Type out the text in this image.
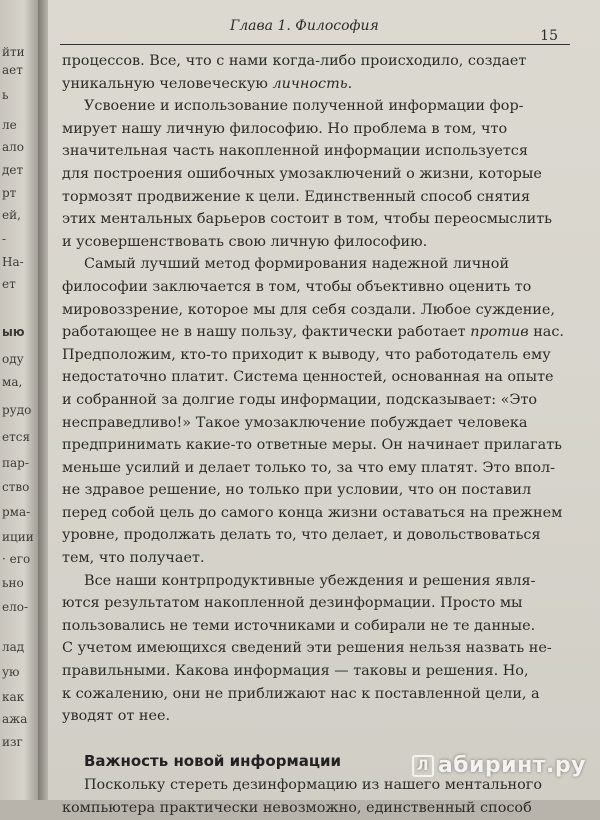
йти
ает
ь
ле
ало
дет
рт
ей,
-
На-
ет
ыю
оду
ма,
рудо
ется
пар-
ство
рма-
иции
· его
ьно
ело-
лад
ую
как
ажа
изг
Глава 1. Философия
15
процессов. Все, что с нами когда-либо происходило, создает
уникальную человеческую личность.
Усвоение и использование полученной информации фор-
мирует нашу личную философию. Но проблема в том, что
значительная часть накопленной информации используется
для построения ошибочных умозаключений о жизни, которые
тормозят продвижение к цели. Единственный способ снятия
этих ментальных барьеров состоит в том, чтобы переосмыслить
и усовершенствовать свою личную философию.
Самый лучший метод формирования надежной личной
философии заключается в том, чтобы объективно оценить то
мировоззрение, которое мы для себя создали. Любое суждение,
работающее не в нашу пользу, фактически работает против нас.
Предположим, кто-то приходит к выводу, что работодатель ему
недостаточно платит. Система ценностей, основанная на опыте
и собранной за долгие годы информации, подсказывает: «Это
несправедливо!» Такое умозаключение побуждает человека
предпринимать какие-то ответные меры. Он начинает прилагать
меньше усилий и делает только то, за что ему платят. Это впол-
не здравое решение, но только при условии, что он поставил
перед собой цель до самого конца жизни оставаться на прежнем
уровне, продолжать делать то, что делает, и довольствоваться
тем, что получает.
Все наши контрпродуктивные убеждения и решения явля-
ются результатом накопленной дезинформации. Просто мы
пользовались не теми источниками и собирали не те данные.
С учетом имеющихся сведений эти решения нельзя назвать не-
правильными. Какова информация — таковы и решения. Но,
к сожалению, они не приближают нас к поставленной цели, а
уводят от нее.
Важность новой информации
Поскольку стереть дезинформацию из нашего ментального
компьютера практически невозможно, единственный способ
Л абиринт.ру
